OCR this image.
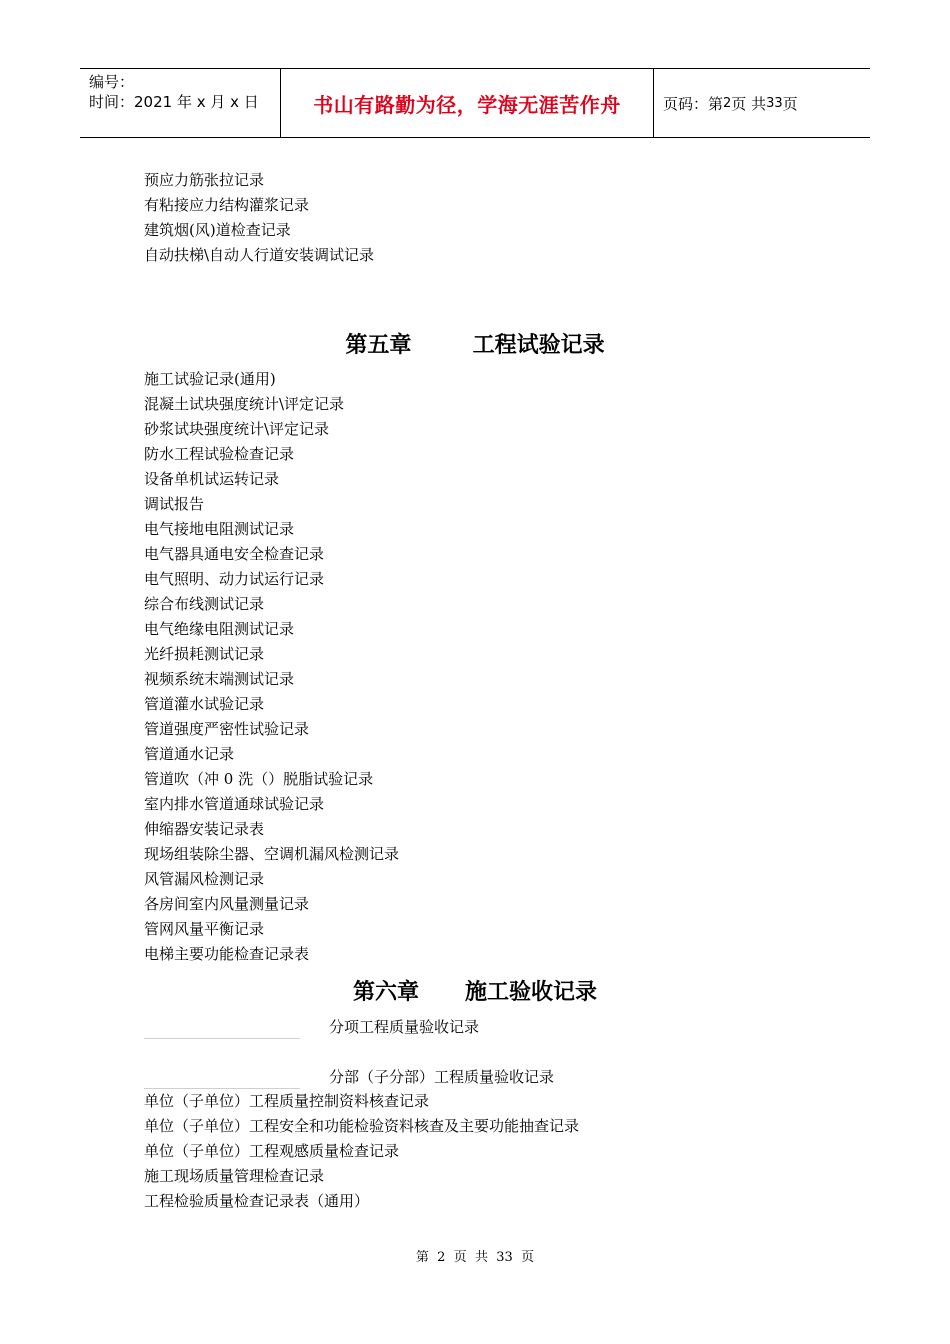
编号：
时间：2021 年 x 月 x 日	书山有路勤为径，学海无涯苦作舟	页码：第 2 页 共 33 页
预应力筋张拉记录
有粘接应力结构灌浆记录
建筑烟(风)道检查记录
自动扶梯\自动人行道安装调试记录
第五章        工程试验记录
施工试验记录(通用)
混凝土试块强度统计\评定记录
砂浆试块强度统计\评定记录
防水工程试验检查记录
设备单机试运转记录
调试报告
电气接地电阻测试记录
电气器具通电安全检查记录
电气照明、动力试运行记录
综合布线测试记录
电气绝缘电阻测试记录
光纤损耗测试记录
视频系统末端测试记录
管道灌水试验记录
管道强度严密性试验记录
管道通水记录
管道吹（冲 0 洗（）脱脂试验记录
室内排水管道通球试验记录
伸缩器安装记录表
现场组装除尘器、空调机漏风检测记录
风管漏风检测记录
各房间室内风量测量记录
管网风量平衡记录
电梯主要功能检查记录表
第六章      施工验收记录
分项工程质量验收记录
分部（子分部）工程质量验收记录
单位（子单位）工程质量控制资料核查记录
单位（子单位）工程安全和功能检验资料核查及主要功能抽查记录
单位（子单位）工程观感质量检查记录
施工现场质量管理检查记录
工程检验质量检查记录表（通用）
第  2  页  共  33  页
